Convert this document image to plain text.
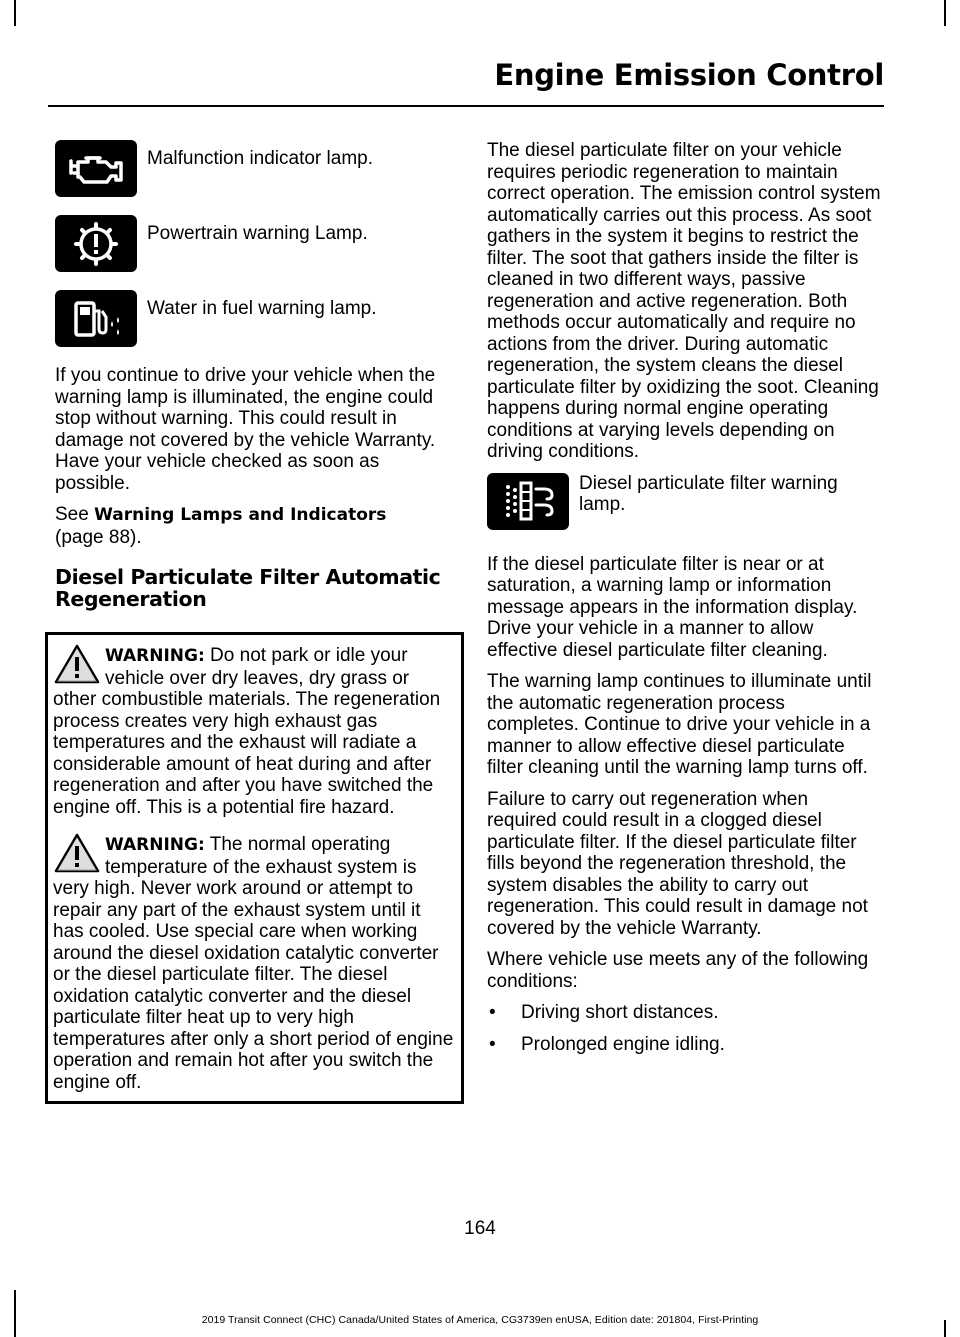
Engine Emission Control
Malfunction indicator lamp.
Powertrain warning Lamp.
Water in fuel warning lamp.

If you continue to drive your vehicle when the warning lamp is illuminated, the engine could stop without warning. This could result in damage not covered by the vehicle Warranty. Have your vehicle checked as soon as possible.

See Warning Lamps and Indicators
(page 88).

Diesel Particulate Filter Automatic Regeneration
WARNING: Do not park or idle your vehicle over dry leaves, dry grass or other combustible materials. The regeneration process creates very high exhaust gas temperatures and the exhaust will radiate a considerable amount of heat during and after regeneration and after you have switched the engine off. This is a potential fire hazard.
WARNING: The normal operating temperature of the exhaust system is very high. Never work around or attempt to repair any part of the exhaust system until it has cooled. Use special care when working around the diesel oxidation catalytic converter or the diesel particulate filter. The diesel oxidation catalytic converter and the diesel particulate filter heat up to very high temperatures after only a short period of engine operation and remain hot after you switch the engine off.

The diesel particulate filter on your vehicle requires periodic regeneration to maintain correct operation. The emission control system automatically carries out this process. As soot gathers in the system it begins to restrict the filter. The soot that gathers inside the filter is cleaned in two different ways, passive regeneration and active regeneration. Both methods occur automatically and require no actions from the driver. During automatic regeneration, the system cleans the diesel particulate filter by oxidizing the soot. Cleaning happens during normal engine operating conditions at varying levels depending on driving conditions.

Diesel particulate filter warning lamp.

If the diesel particulate filter is near or at saturation, a warning lamp or information message appears in the information display. Drive your vehicle in a manner to allow effective diesel particulate filter cleaning.

The warning lamp continues to illuminate until the automatic regeneration process completes. Continue to drive your vehicle in a manner to allow effective diesel particulate filter cleaning until the warning lamp turns off.

Failure to carry out regeneration when required could result in a clogged diesel particulate filter. If the diesel particulate filter fills beyond the regeneration threshold, the system disables the ability to carry out regeneration. This could result in damage not covered by the vehicle Warranty.

Where vehicle use meets any of the following conditions:

• Driving short distances.
• Prolonged engine idling.
164
2019 Transit Connect (CHC) Canada/United States of America, CG3739en enUSA, Edition date: 201804, First-Printing
